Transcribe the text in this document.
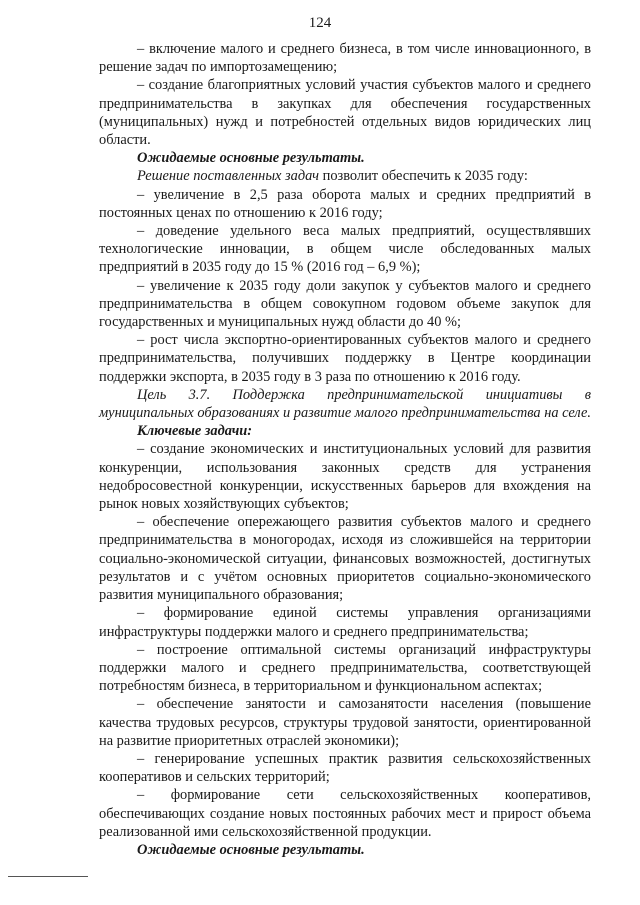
124

– включение малого и среднего бизнеса, в том числе инновационного, в решение задач по импортозамещению;

– создание благоприятных условий участия субъектов малого и среднего предпринимательства в закупках для обеспечения государственных (муниципальных) нужд и потребностей отдельных видов юридических лиц области.

Ожидаемые основные результаты.

Решение поставленных задач позволит обеспечить к 2035 году:

– увеличение в 2,5 раза оборота малых и средних предприятий в постоянных ценах по отношению к 2016 году;

– доведение удельного веса малых предприятий, осуществлявших технологические инновации, в общем числе обследованных малых предприятий в 2035 году до 15 % (2016 год – 6,9 %);

– увеличение к 2035 году доли закупок у субъектов малого и среднего предпринимательства в общем совокупном годовом объеме закупок для государственных и муниципальных нужд области до 40 %;

– рост числа экспортно-ориентированных субъектов малого и среднего предпринимательства, получивших поддержку в Центре координации поддержки экспорта, в 2035 году в 3 раза по отношению к 2016 году.

Цель 3.7. Поддержка предпринимательской инициативы в муниципальных образованиях и развитие малого предпринимательства на селе.

Ключевые задачи:

– создание экономических и институциональных условий для развития конкуренции, использования законных средств для устранения недобросовестной конкуренции, искусственных барьеров для вхождения на рынок новых хозяйствующих субъектов;

– обеспечение опережающего развития субъектов малого и среднего предпринимательства в моногородах, исходя из сложившейся на территории социально-экономической ситуации, финансовых возможностей, достигнутых результатов и с учётом основных приоритетов социально-экономического развития муниципального образования;

– формирование единой системы управления организациями инфраструктуры поддержки малого и среднего предпринимательства;

– построение оптимальной системы организаций инфраструктуры поддержки малого и среднего предпринимательства, соответствующей потребностям бизнеса, в территориальном и функциональном аспектах;

– обеспечение занятости и самозанятости населения (повышение качества трудовых ресурсов, структуры трудовой занятости, ориентированной на развитие приоритетных отраслей экономики);

– генерирование успешных практик развития сельскохозяйственных кооперативов и сельских территорий;

– формирование сети сельскохозяйственных кооперативов, обеспечивающих создание новых постоянных рабочих мест и прирост объема реализованной ими сельскохозяйственной продукции.

Ожидаемые основные результаты.
